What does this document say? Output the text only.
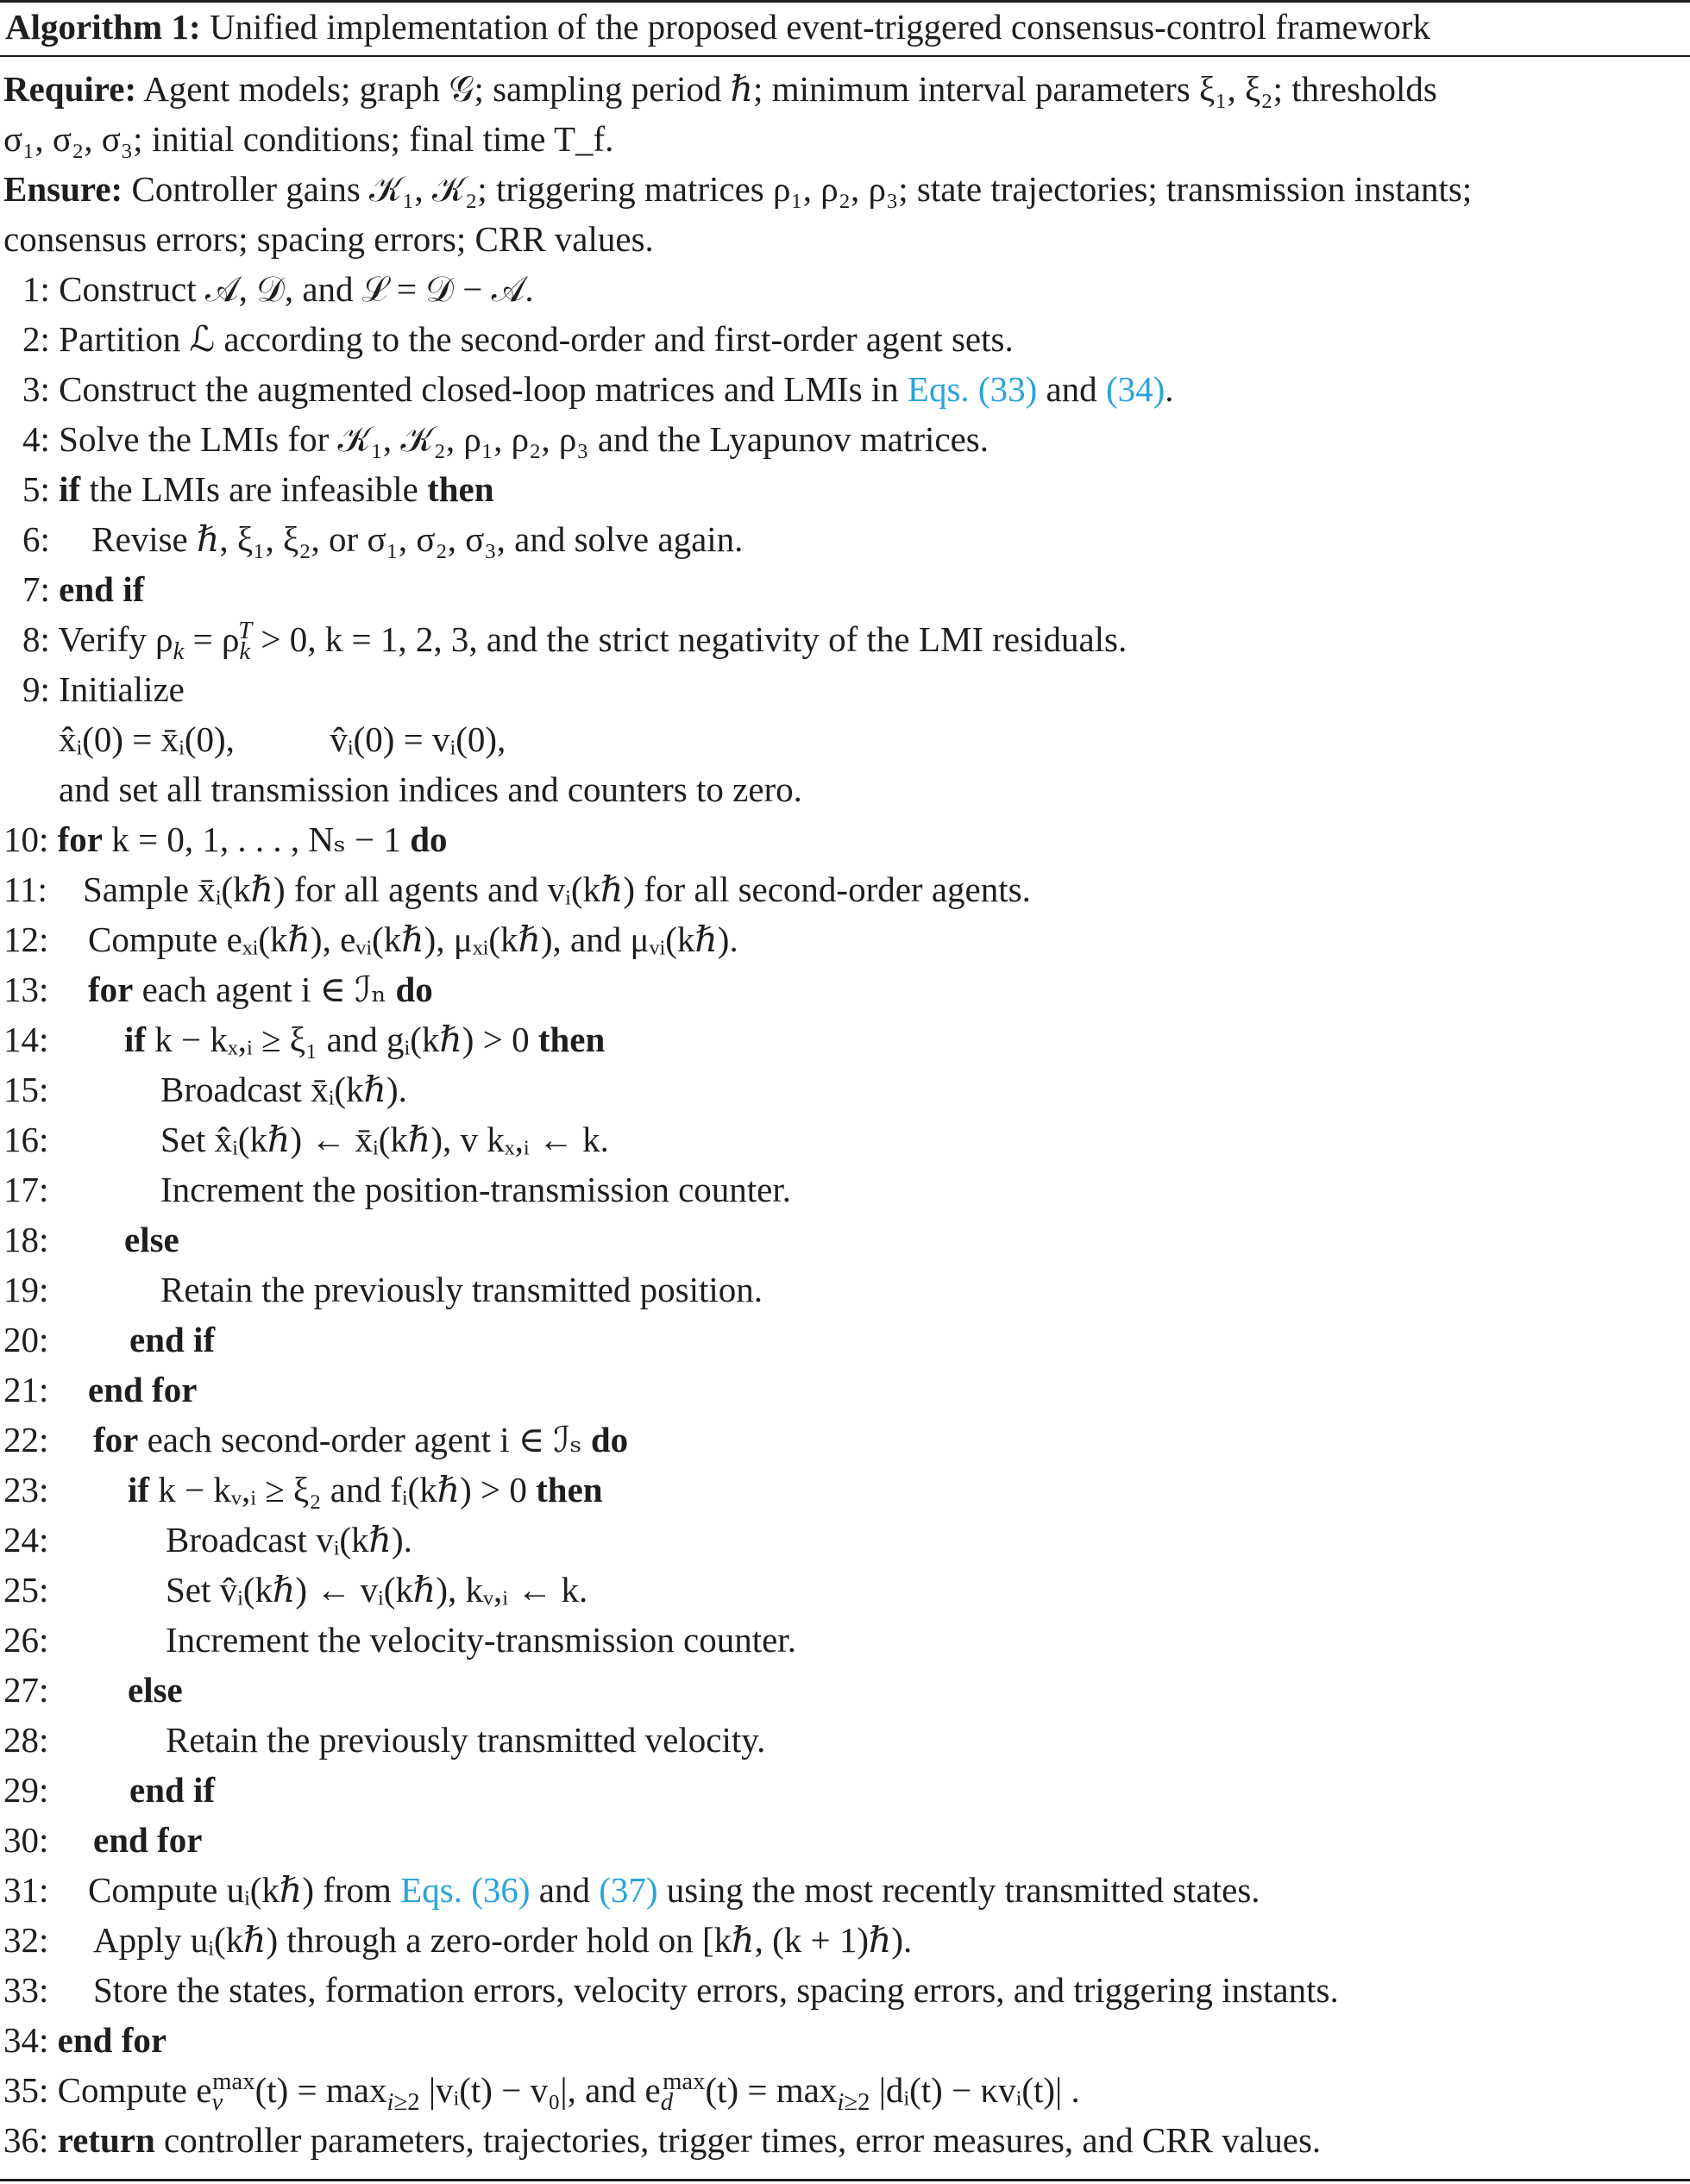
Algorithm 1: Unified implementation of the proposed event-triggered consensus-control framework
Require: Agent models; graph 𝒢; sampling period ℏ; minimum interval parameters ξ₁, ξ₂; thresholds
σ₁, σ₂, σ₃; initial conditions; final time T_f.
Ensure: Controller gains 𝒦₁, 𝒦₂; triggering matrices ρ₁, ρ₂, ρ₃; state trajectories; transmission instants;
consensus errors; spacing errors; CRR values.
1: Construct 𝒜, 𝒟, and ℒ = 𝒟 − 𝒜.
2: Partition ℒ according to the second-order and first-order agent sets.
3: Construct the augmented closed-loop matrices and LMIs in Eqs. (33) and (34).
4: Solve the LMIs for 𝒦₁, 𝒦₂, ρ₁, ρ₂, ρ₃ and the Lyapunov matrices.
5: if the LMIs are infeasible then
6: Revise ℏ, ξ₁, ξ₂, or σ₁, σ₂, σ₃, and solve again.
7: end if
8: Verify $\rho_k = \rho_k^T > 0$, k = 1, 2, 3, and the strict negativity of the LMI residuals.
9: Initialize
x̂ᵢ(0) = x̄ᵢ(0),	v̂ᵢ(0) = vᵢ(0),
and set all transmission indices and counters to zero.
10: for k = 0, 1, . . . , Nₛ − 1 do
11: Sample x̄ᵢ(kℏ) for all agents and vᵢ(kℏ) for all second-order agents.
12: Compute eₓᵢ(kℏ), eᵥᵢ(kℏ), μₓᵢ(kℏ), and μᵥᵢ(kℏ).
13: for each agent i ∈ ℐₙ do
14: if k − kₓ,ᵢ ≥ ξ₁ and gᵢ(kℏ) > 0 then
15:	Broadcast x̄ᵢ(kℏ).
16:	Set x̂ᵢ(kℏ) ← x̄ᵢ(kℏ), v kₓ,ᵢ ← k.
17:	Increment the position-transmission counter.
18: else
19:	Retain the previously transmitted position.
20: end if
21: end for
22: for each second-order agent i ∈ ℐₛ do
23: if k − kᵥ,ᵢ ≥ ξ₂ and fᵢ(kℏ) > 0 then
24:	Broadcast vᵢ(kℏ).
25:	Set v̂ᵢ(kℏ) ← vᵢ(kℏ), kᵥ,ᵢ ← k.
26:	Increment the velocity-transmission counter.
27: else
28:	Retain the previously transmitted velocity.
29: end if
30: end for
31: Compute uᵢ(kℏ) from Eqs. (36) and (37) using the most recently transmitted states.
32: Apply uᵢ(kℏ) through a zero-order hold on [kℏ, (k + 1)ℏ).
33: Store the states, formation errors, velocity errors, spacing errors, and triggering instants.
34: end for
35: Compute $e_v^{max}(t) = \max_{i\ge 2}$ |vᵢ(t) − v₀|, and $e_d^{max}(t) = \max_{i\ge 2}$ |dᵢ(t) − κvᵢ(t)| .
36: return controller parameters, trajectories, trigger times, error measures, and CRR values.
